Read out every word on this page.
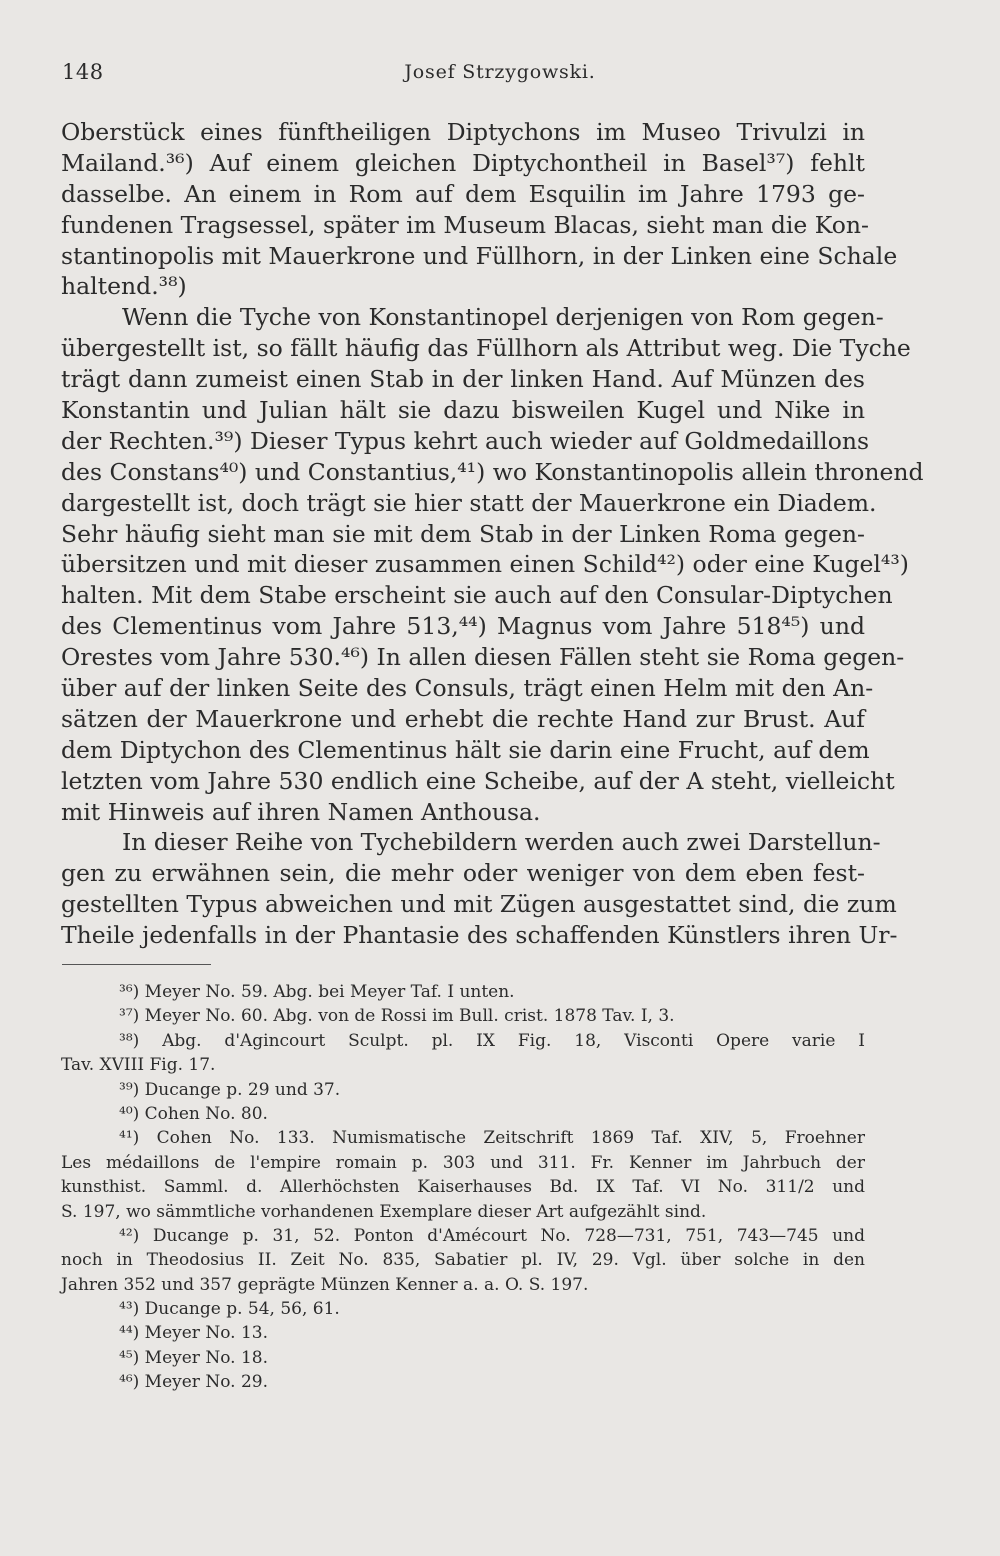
148	Josef Strzygowski.
Oberstück eines fünftheiligen Diptychons im Museo Trivulzi in
Mailand.³⁶) Auf einem gleichen Diptychontheil in Basel³⁷) fehlt
dasselbe. An einem in Rom auf dem Esquilin im Jahre 1793 ge-
fundenen Tragsessel, später im Museum Blacas, sieht man die Kon-
stantinopolis mit Mauerkrone und Füllhorn, in der Linken eine Schale
haltend.³⁸)
Wenn die Tyche von Konstantinopel derjenigen von Rom gegen-
übergestellt ist, so fällt häufig das Füllhorn als Attribut weg. Die Tyche
trägt dann zumeist einen Stab in der linken Hand. Auf Münzen des
Konstantin und Julian hält sie dazu bisweilen Kugel und Nike in
der Rechten.³⁹) Dieser Typus kehrt auch wieder auf Goldmedaillons
des Constans⁴⁰) und Constantius,⁴¹) wo Konstantinopolis allein thronend
dargestellt ist, doch trägt sie hier statt der Mauerkrone ein Diadem.
Sehr häufig sieht man sie mit dem Stab in der Linken Roma gegen-
übersitzen und mit dieser zusammen einen Schild⁴²) oder eine Kugel⁴³)
halten. Mit dem Stabe erscheint sie auch auf den Consular-Diptychen
des Clementinus vom Jahre 513,⁴⁴) Magnus vom Jahre 518⁴⁵) und
Orestes vom Jahre 530.⁴⁶) In allen diesen Fällen steht sie Roma gegen-
über auf der linken Seite des Consuls, trägt einen Helm mit den An-
sätzen der Mauerkrone und erhebt die rechte Hand zur Brust. Auf
dem Diptychon des Clementinus hält sie darin eine Frucht, auf dem
letzten vom Jahre 530 endlich eine Scheibe, auf der A steht, vielleicht
mit Hinweis auf ihren Namen Anthousa.
In dieser Reihe von Tychebildern werden auch zwei Darstellun-
gen zu erwähnen sein, die mehr oder weniger von dem eben fest-
gestellten Typus abweichen und mit Zügen ausgestattet sind, die zum
Theile jedenfalls in der Phantasie des schaffenden Künstlers ihren Ur-
³⁶) Meyer No. 59. Abg. bei Meyer Taf. I unten.
³⁷) Meyer No. 60. Abg. von de Rossi im Bull. crist. 1878 Tav. I, 3.
³⁸) Abg. d'Agincourt Sculpt. pl. IX Fig. 18, Visconti Opere varie I
Tav. XVIII Fig. 17.
³⁹) Ducange p. 29 und 37.
⁴⁰) Cohen No. 80.
⁴¹) Cohen No. 133. Numismatische Zeitschrift 1869 Taf. XIV, 5, Froehner
Les médaillons de l'empire romain p. 303 und 311. Fr. Kenner im Jahrbuch der
kunsthist. Samml. d. Allerhöchsten Kaiserhauses Bd. IX Taf. VI No. 311/2 und
S. 197, wo sämmtliche vorhandenen Exemplare dieser Art aufgezählt sind.
⁴²) Ducange p. 31, 52. Ponton d'Amécourt No. 728—731, 751, 743—745 und
noch in Theodosius II. Zeit No. 835, Sabatier pl. IV, 29. Vgl. über solche in den
Jahren 352 und 357 geprägte Münzen Kenner a. a. O. S. 197.
⁴³) Ducange p. 54, 56, 61.
⁴⁴) Meyer No. 13.
⁴⁵) Meyer No. 18.
⁴⁶) Meyer No. 29.
